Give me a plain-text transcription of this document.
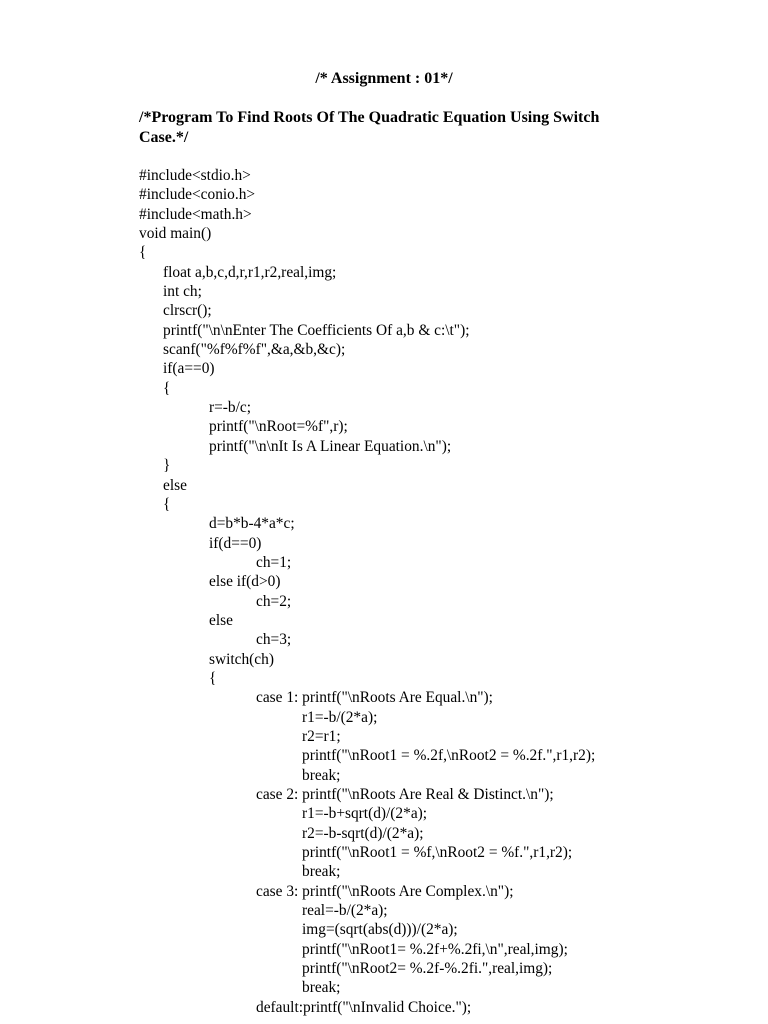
/* Assignment : 01*/
/*Program To Find Roots Of The Quadratic Equation Using Switch
Case.*/
#include<stdio.h>
#include<conio.h>
#include<math.h>
void main()
{
float a,b,c,d,r,r1,r2,real,img;
int ch;
clrscr();
printf("\n\nEnter The Coefficients Of a,b & c:\t");
scanf("%f%f%f",&a,&b,&c);
if(a==0)
{
r=-b/c;
printf("\nRoot=%f",r);
printf("\n\nIt Is A Linear Equation.\n");
}
else
{
d=b*b-4*a*c;
if(d==0)
ch=1;
else if(d>0)
ch=2;
else
ch=3;
switch(ch)
{
case 1: printf("\nRoots Are Equal.\n");
r1=-b/(2*a);
r2=r1;
printf("\nRoot1 = %.2f,\nRoot2 = %.2f.",r1,r2);
break;
case 2: printf("\nRoots Are Real & Distinct.\n");
r1=-b+sqrt(d)/(2*a);
r2=-b-sqrt(d)/(2*a);
printf("\nRoot1 = %f,\nRoot2 = %f.",r1,r2);
break;
case 3: printf("\nRoots Are Complex.\n");
real=-b/(2*a);
img=(sqrt(abs(d)))/(2*a);
printf("\nRoot1= %.2f+%.2fi,\n",real,img);
printf("\nRoot2= %.2f-%.2fi.",real,img);
break;
default:printf("\nInvalid Choice.");
